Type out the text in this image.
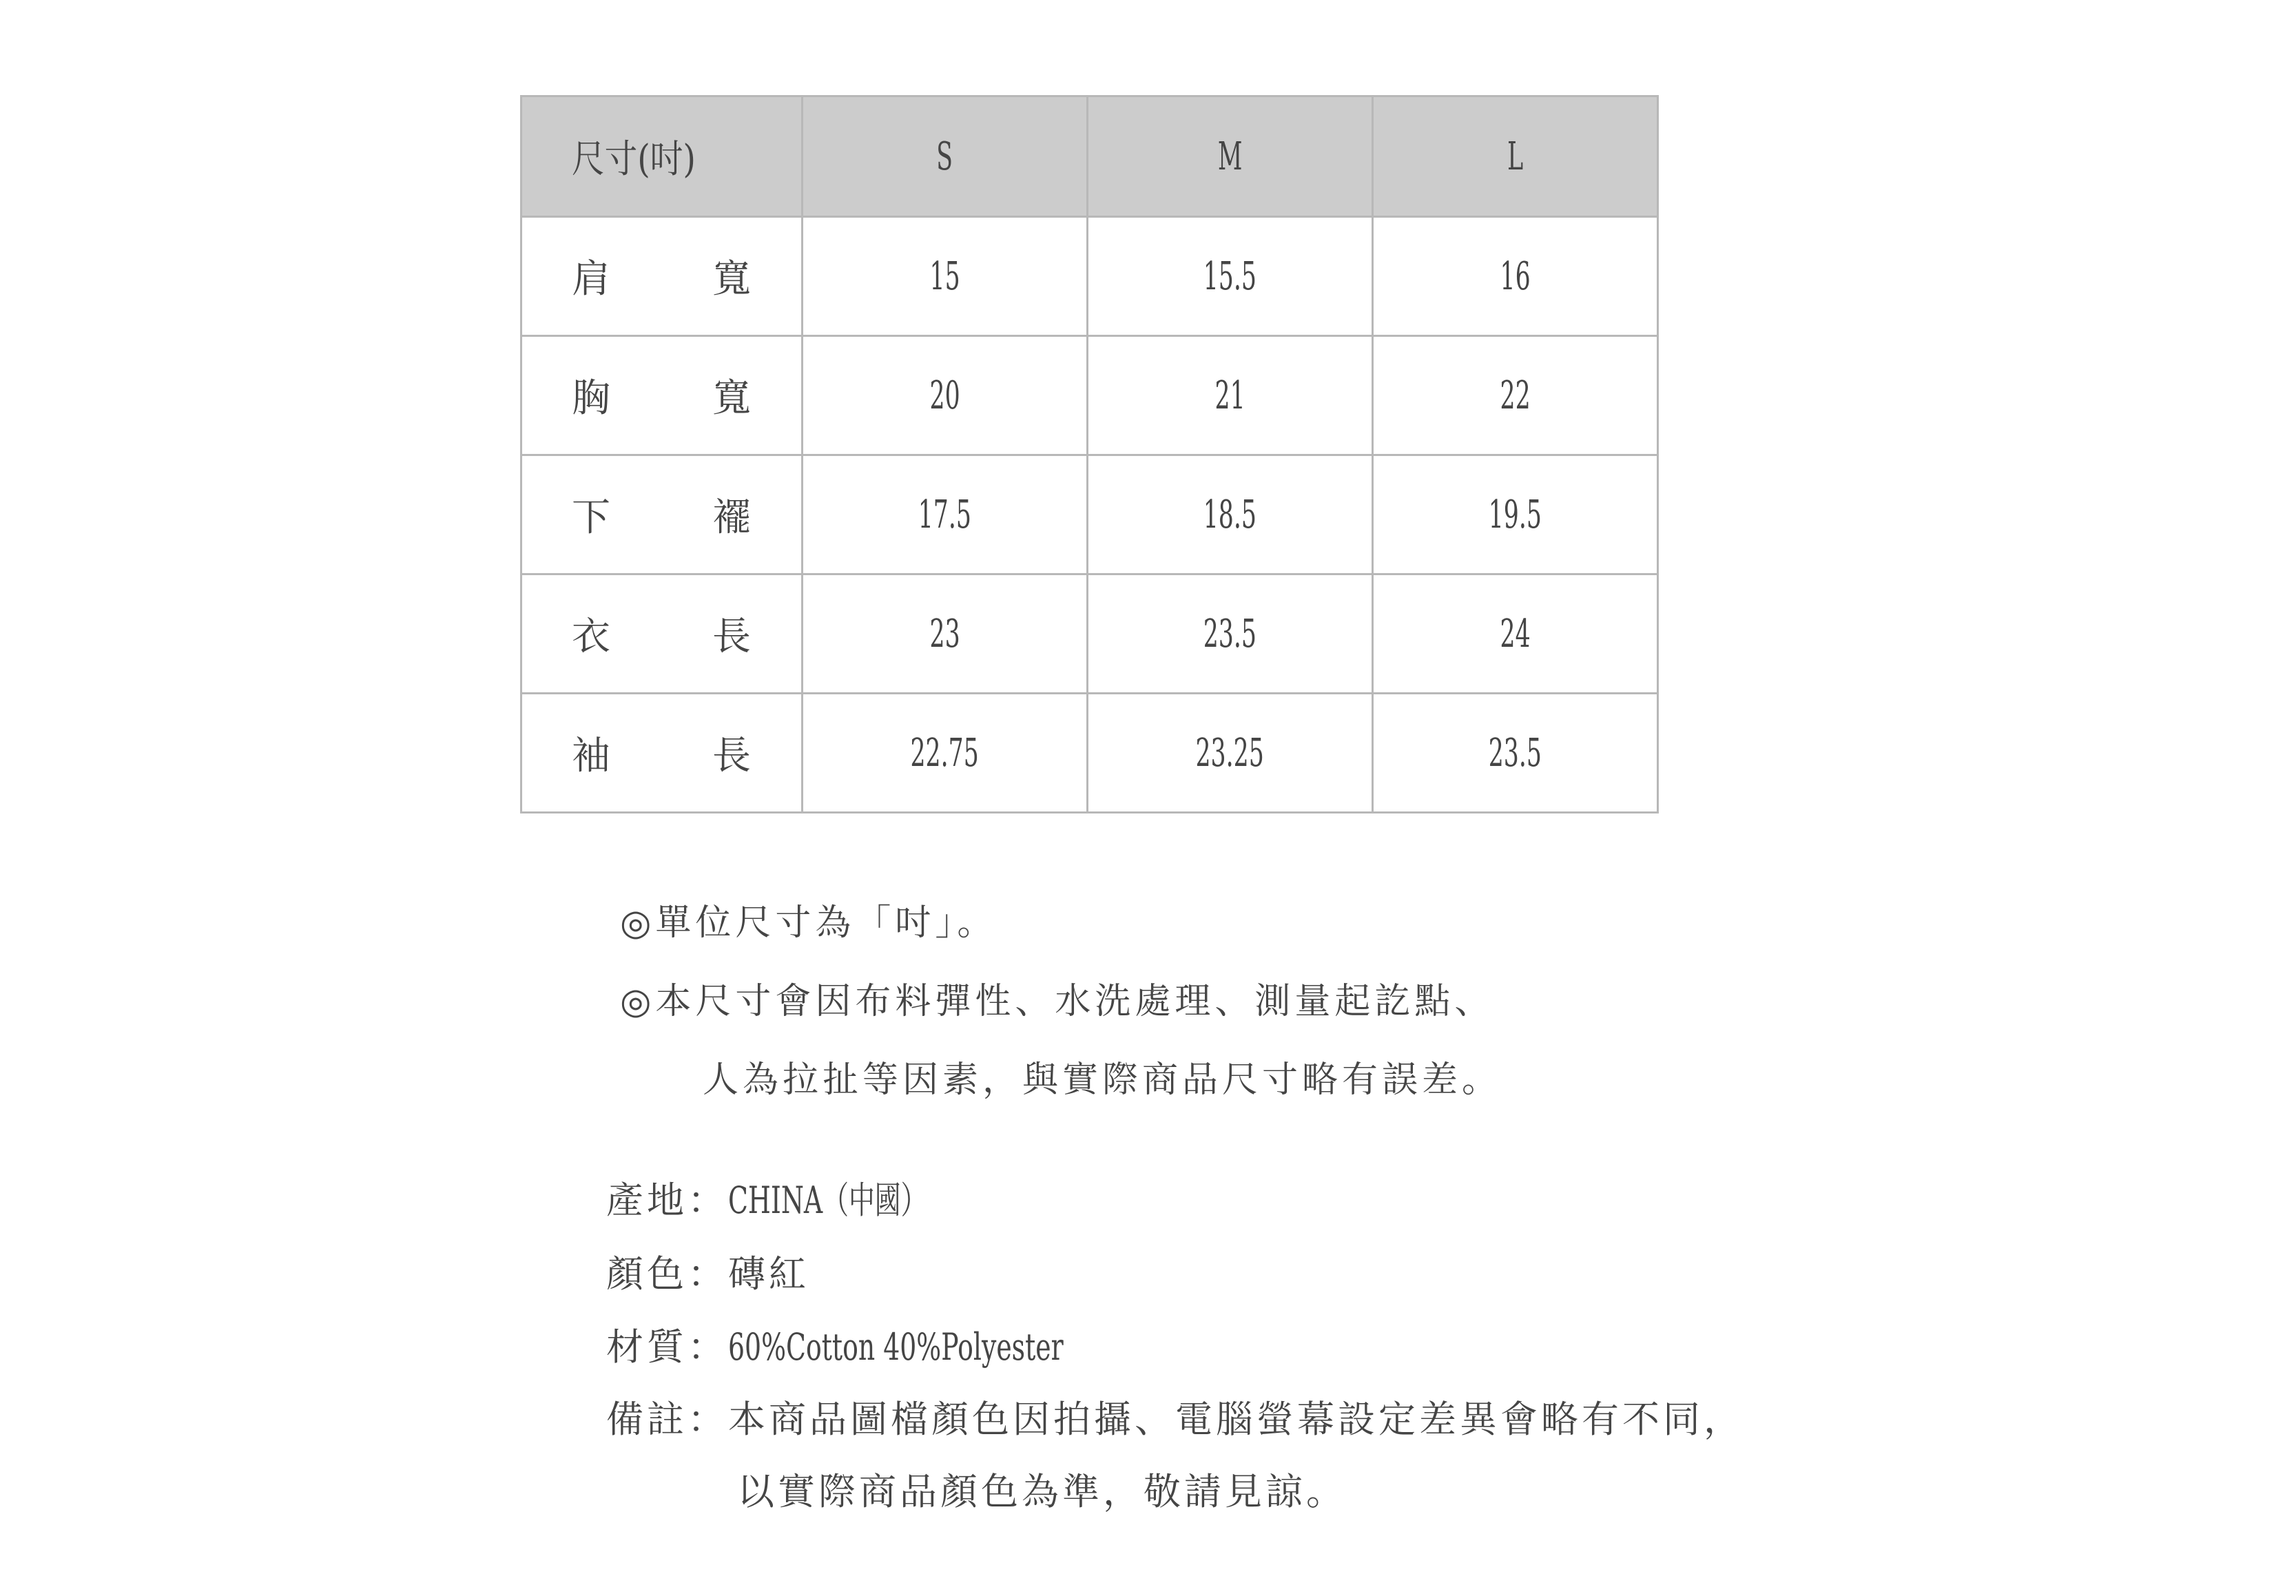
尺寸(吋)	S	M	L

肩 寬	15	15.5	16

胸 寬	20	21	22

下 襬	17.5	18.5	19.5

衣 長	23	23.5	24

袖 長	22.75	23.25	23.5
◎單位尺寸為「吋」。
◎本尺寸會因布料彈性、水洗處理、測量起訖點、
人為拉扯等因素，與實際商品尺寸略有誤差。
產地：CHINA（中國）
顏色：磚紅
材質：60%Cotton 40%Polyester
備註：本商品圖檔顏色因拍攝、電腦螢幕設定差異會略有不同，
以實際商品顏色為準，敬請見諒。
